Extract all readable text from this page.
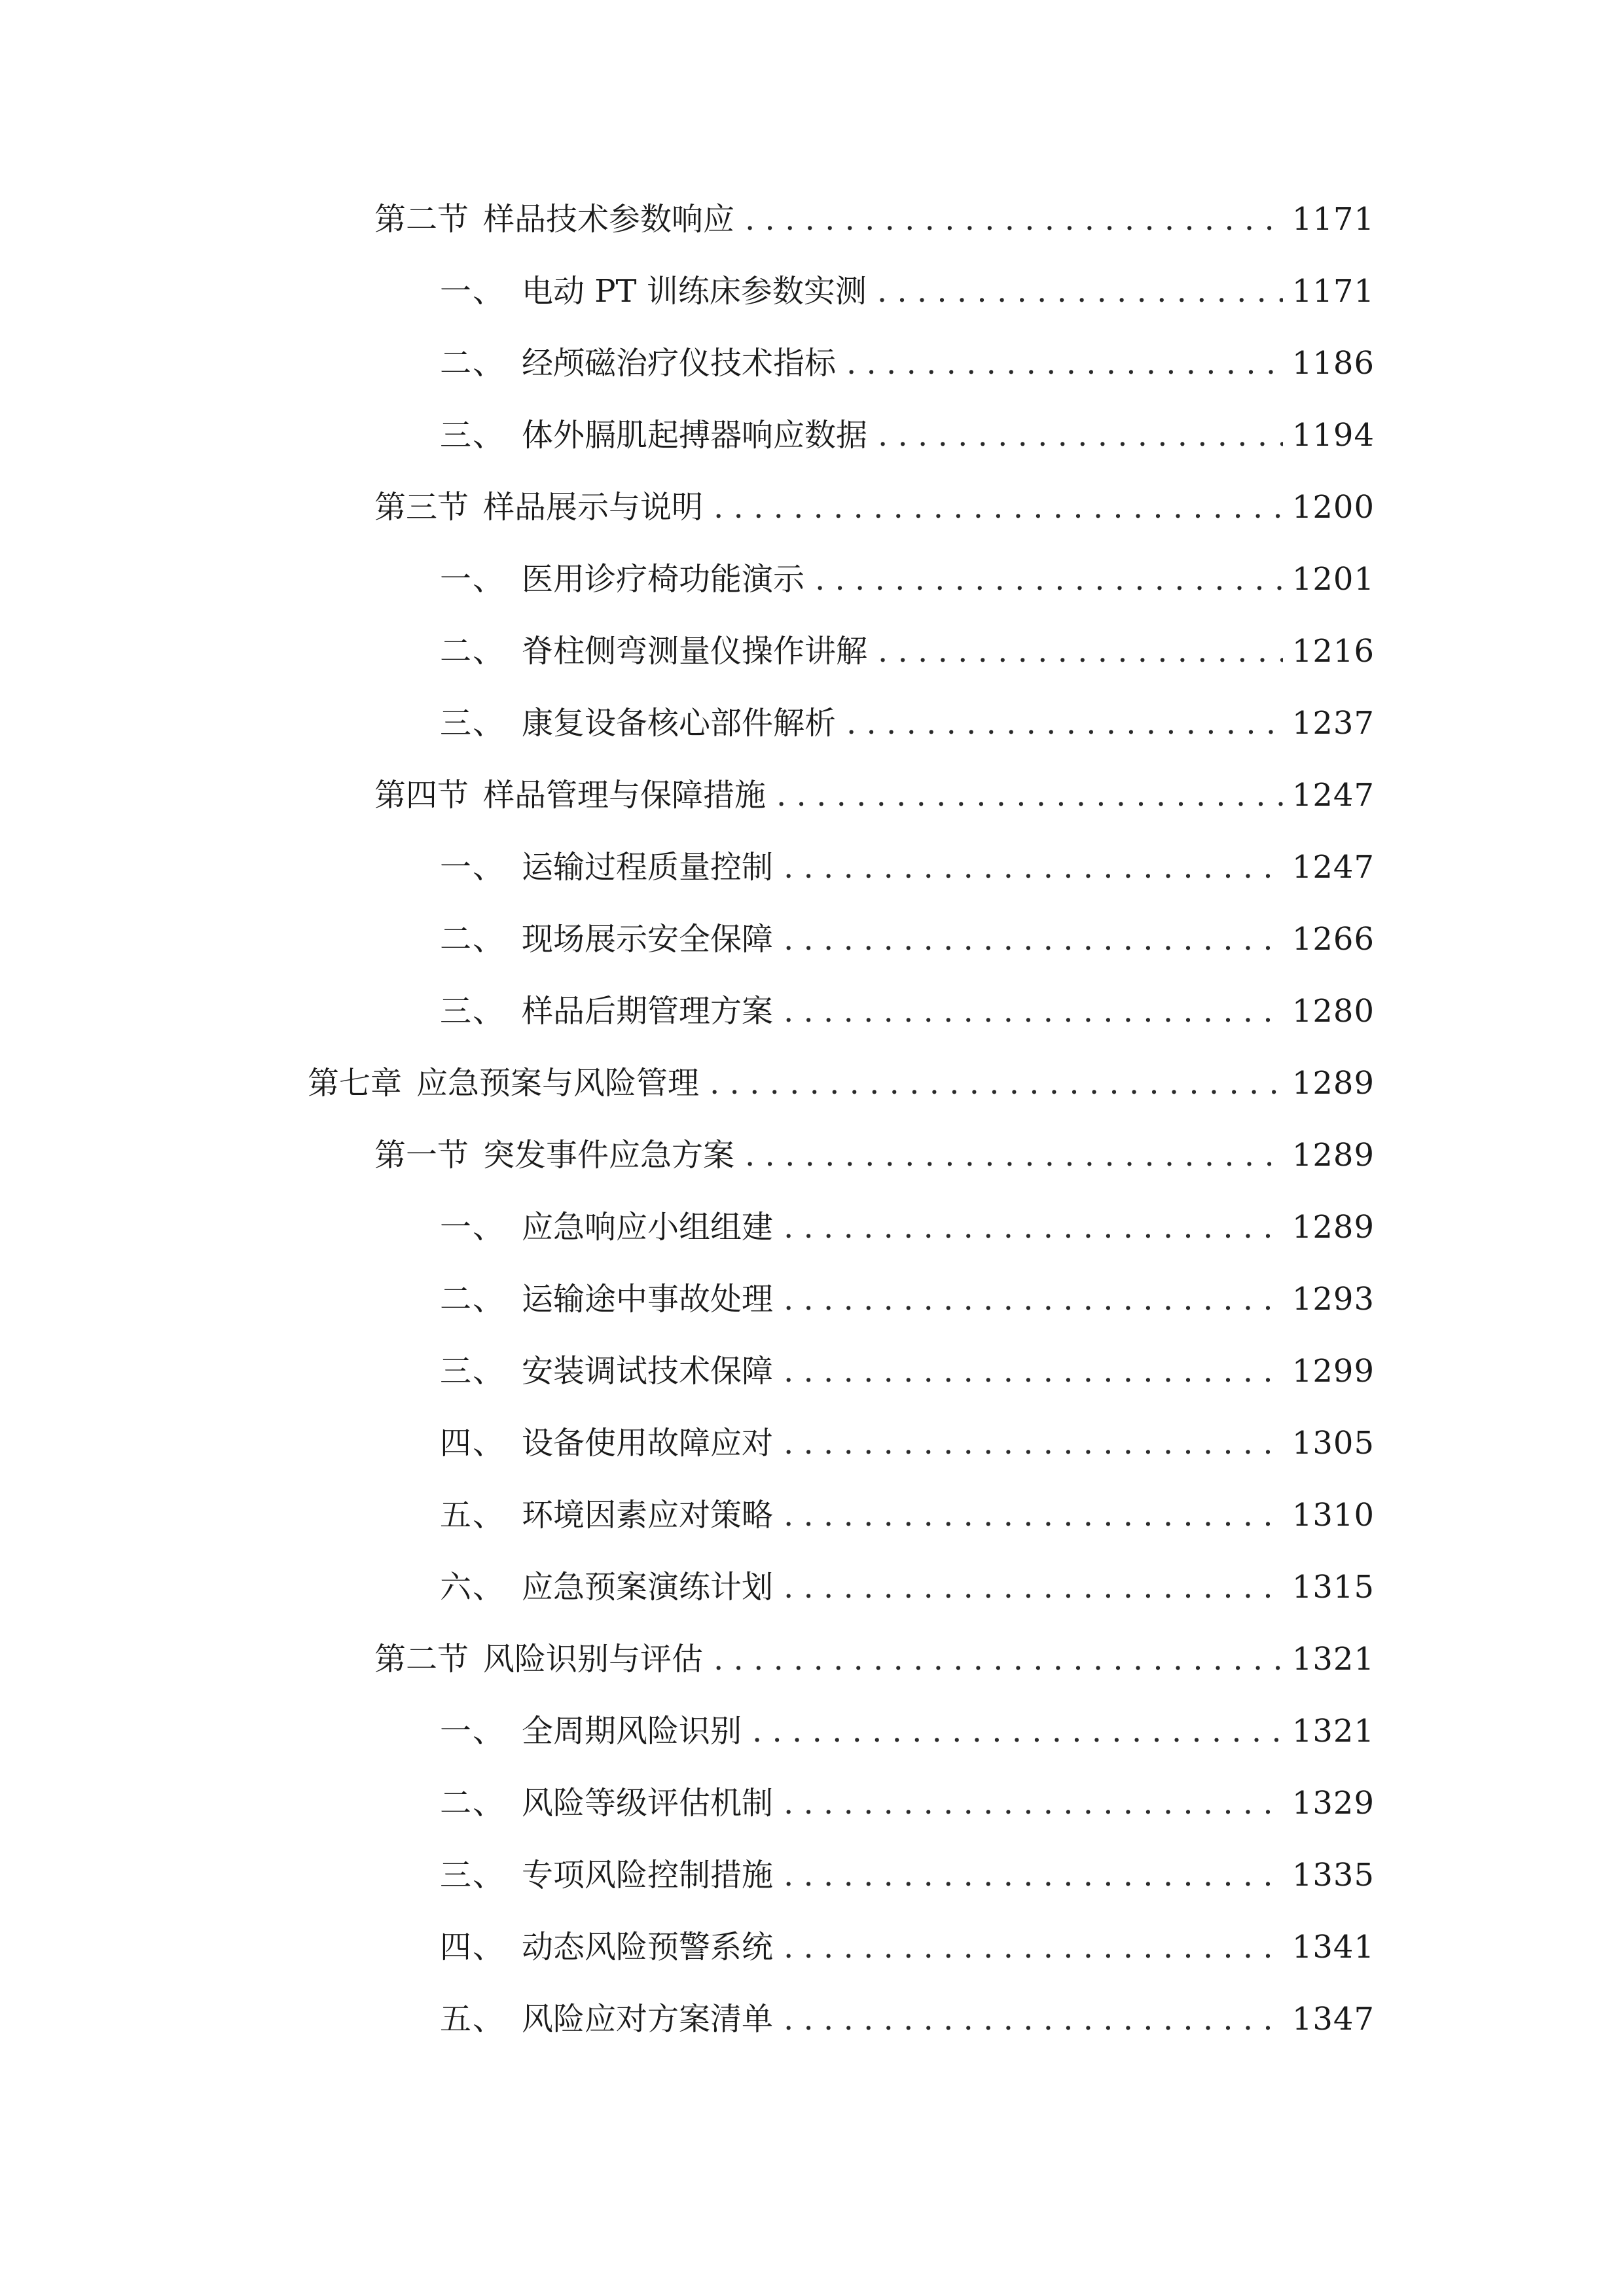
第二节 样品技术参数响应 . . .	1171
一、 电动 PT 训练床参数实测 . . .	1171
二、 经颅磁治疗仪技术指标 . . .	1186
三、 体外膈肌起搏器响应数据 . . .	1194
第三节 样品展示与说明 . . .	1200
一、 医用诊疗椅功能演示 . . .	1201
二、 脊柱侧弯测量仪操作讲解 . . .	1216
三、 康复设备核心部件解析 . . .	1237
第四节 样品管理与保障措施 . . .	1247
一、 运输过程质量控制 . . .	1247
二、 现场展示安全保障 . . .	1266
三、 样品后期管理方案 . . .	1280
第七章 应急预案与风险管理 . . .	1289
第一节 突发事件应急方案 . . .	1289
一、 应急响应小组组建 . . .	1289
二、 运输途中事故处理 . . .	1293
三、 安装调试技术保障 . . .	1299
四、 设备使用故障应对 . . .	1305
五、 环境因素应对策略 . . .	1310
六、 应急预案演练计划 . . .	1315
第二节 风险识别与评估 . . .	1321
一、 全周期风险识别 . . .	1321
二、 风险等级评估机制 . . .	1329
三、 专项风险控制措施 . . .	1335
四、 动态风险预警系统 . . .	1341
五、 风险应对方案清单 . . .	1347
